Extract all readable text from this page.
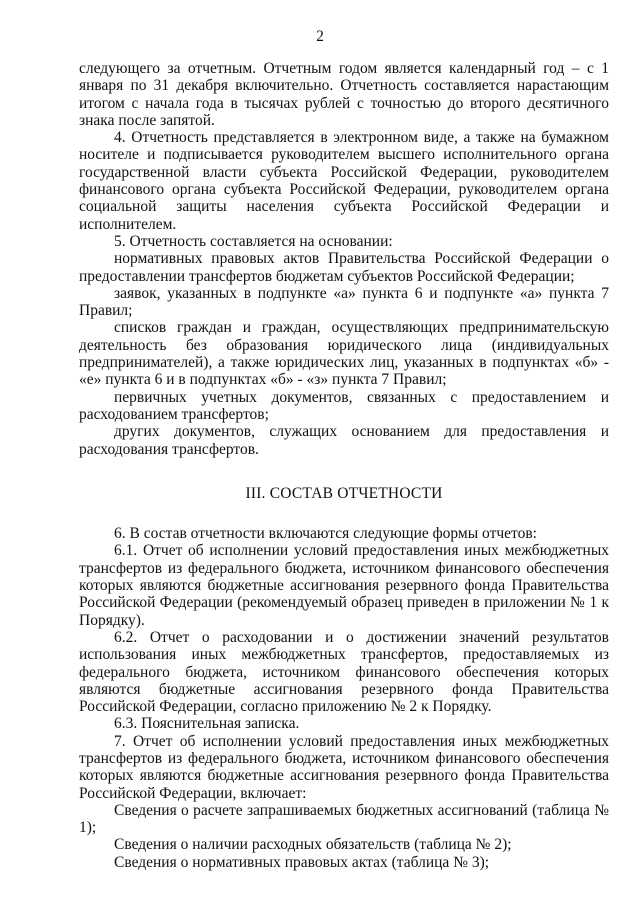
2

следующего за отчетным. Отчетным годом является календарный год – с 1 января по 31 декабря включительно. Отчетность составляется нарастающим итогом с начала года в тысячах рублей с точностью до второго десятичного знака после запятой.

4. Отчетность представляется в электронном виде, а также на бумажном носителе и подписывается руководителем высшего исполнительного органа государственной власти субъекта Российской Федерации, руководителем финансового органа субъекта Российской Федерации, руководителем органа социальной защиты населения субъекта Российской Федерации и исполнителем.

5. Отчетность составляется на основании:

нормативных правовых актов Правительства Российской Федерации о предоставлении трансфертов бюджетам субъектов Российской Федерации;

заявок, указанных в подпункте «а» пункта 6 и подпункте «а» пункта 7 Правил;

списков граждан и граждан, осуществляющих предпринимательскую деятельность без образования юридического лица (индивидуальных предпринимателей), а также юридических лиц, указанных в подпунктах «б» - «е» пункта 6 и в подпунктах «б» - «з» пункта 7 Правил;

первичных учетных документов, связанных с предоставлением и расходованием трансфертов;

других документов, служащих основанием для предоставления и расходования трансфертов.

III. СОСТАВ ОТЧЕТНОСТИ

6. В состав отчетности включаются следующие формы отчетов:

6.1. Отчет об исполнении условий предоставления иных межбюджетных трансфертов из федерального бюджета, источником финансового обеспечения которых являются бюджетные ассигнования резервного фонда Правительства Российской Федерации (рекомендуемый образец приведен в приложении № 1 к Порядку).

6.2. Отчет о расходовании и о достижении значений результатов использования иных межбюджетных трансфертов, предоставляемых из федерального бюджета, источником финансового обеспечения которых являются бюджетные ассигнования резервного фонда Правительства Российской Федерации, согласно приложению № 2 к Порядку.

6.3. Пояснительная записка.

7. Отчет об исполнении условий предоставления иных межбюджетных трансфертов из федерального бюджета, источником финансового обеспечения которых являются бюджетные ассигнования резервного фонда Правительства Российской Федерации, включает:

Сведения о расчете запрашиваемых бюджетных ассигнований (таблица № 1);

Сведения о наличии расходных обязательств (таблица № 2);

Сведения о нормативных правовых актах (таблица № 3);
